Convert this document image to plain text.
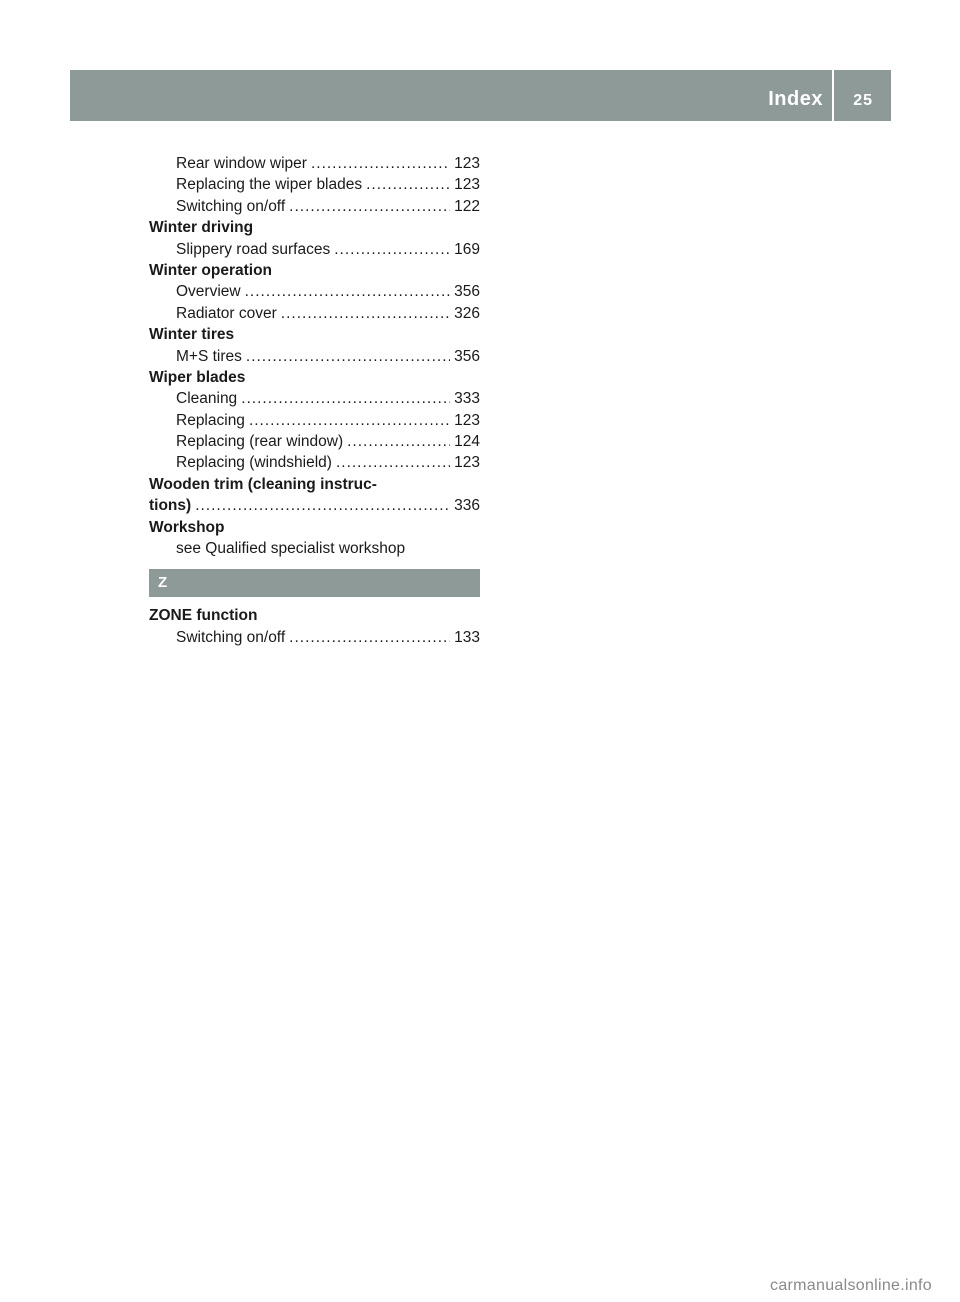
Index 25
Rear window wiper .....	123
Replacing the wiper blades .....	123
Switching on/off .....	122
Winter driving
Slippery road surfaces .....	169
Winter operation
Overview .....	356
Radiator cover .....	326
Winter tires
M+S tires .....	356
Wiper blades
Cleaning .....	333
Replacing .....	123
Replacing (rear window) .....	124
Replacing (windshield) .....	123
Wooden trim (cleaning instruc-
tions) .....	336
Workshop
see Qualified specialist workshop
Z
ZONE function
Switching on/off .....	133
carmanualsonline.info
